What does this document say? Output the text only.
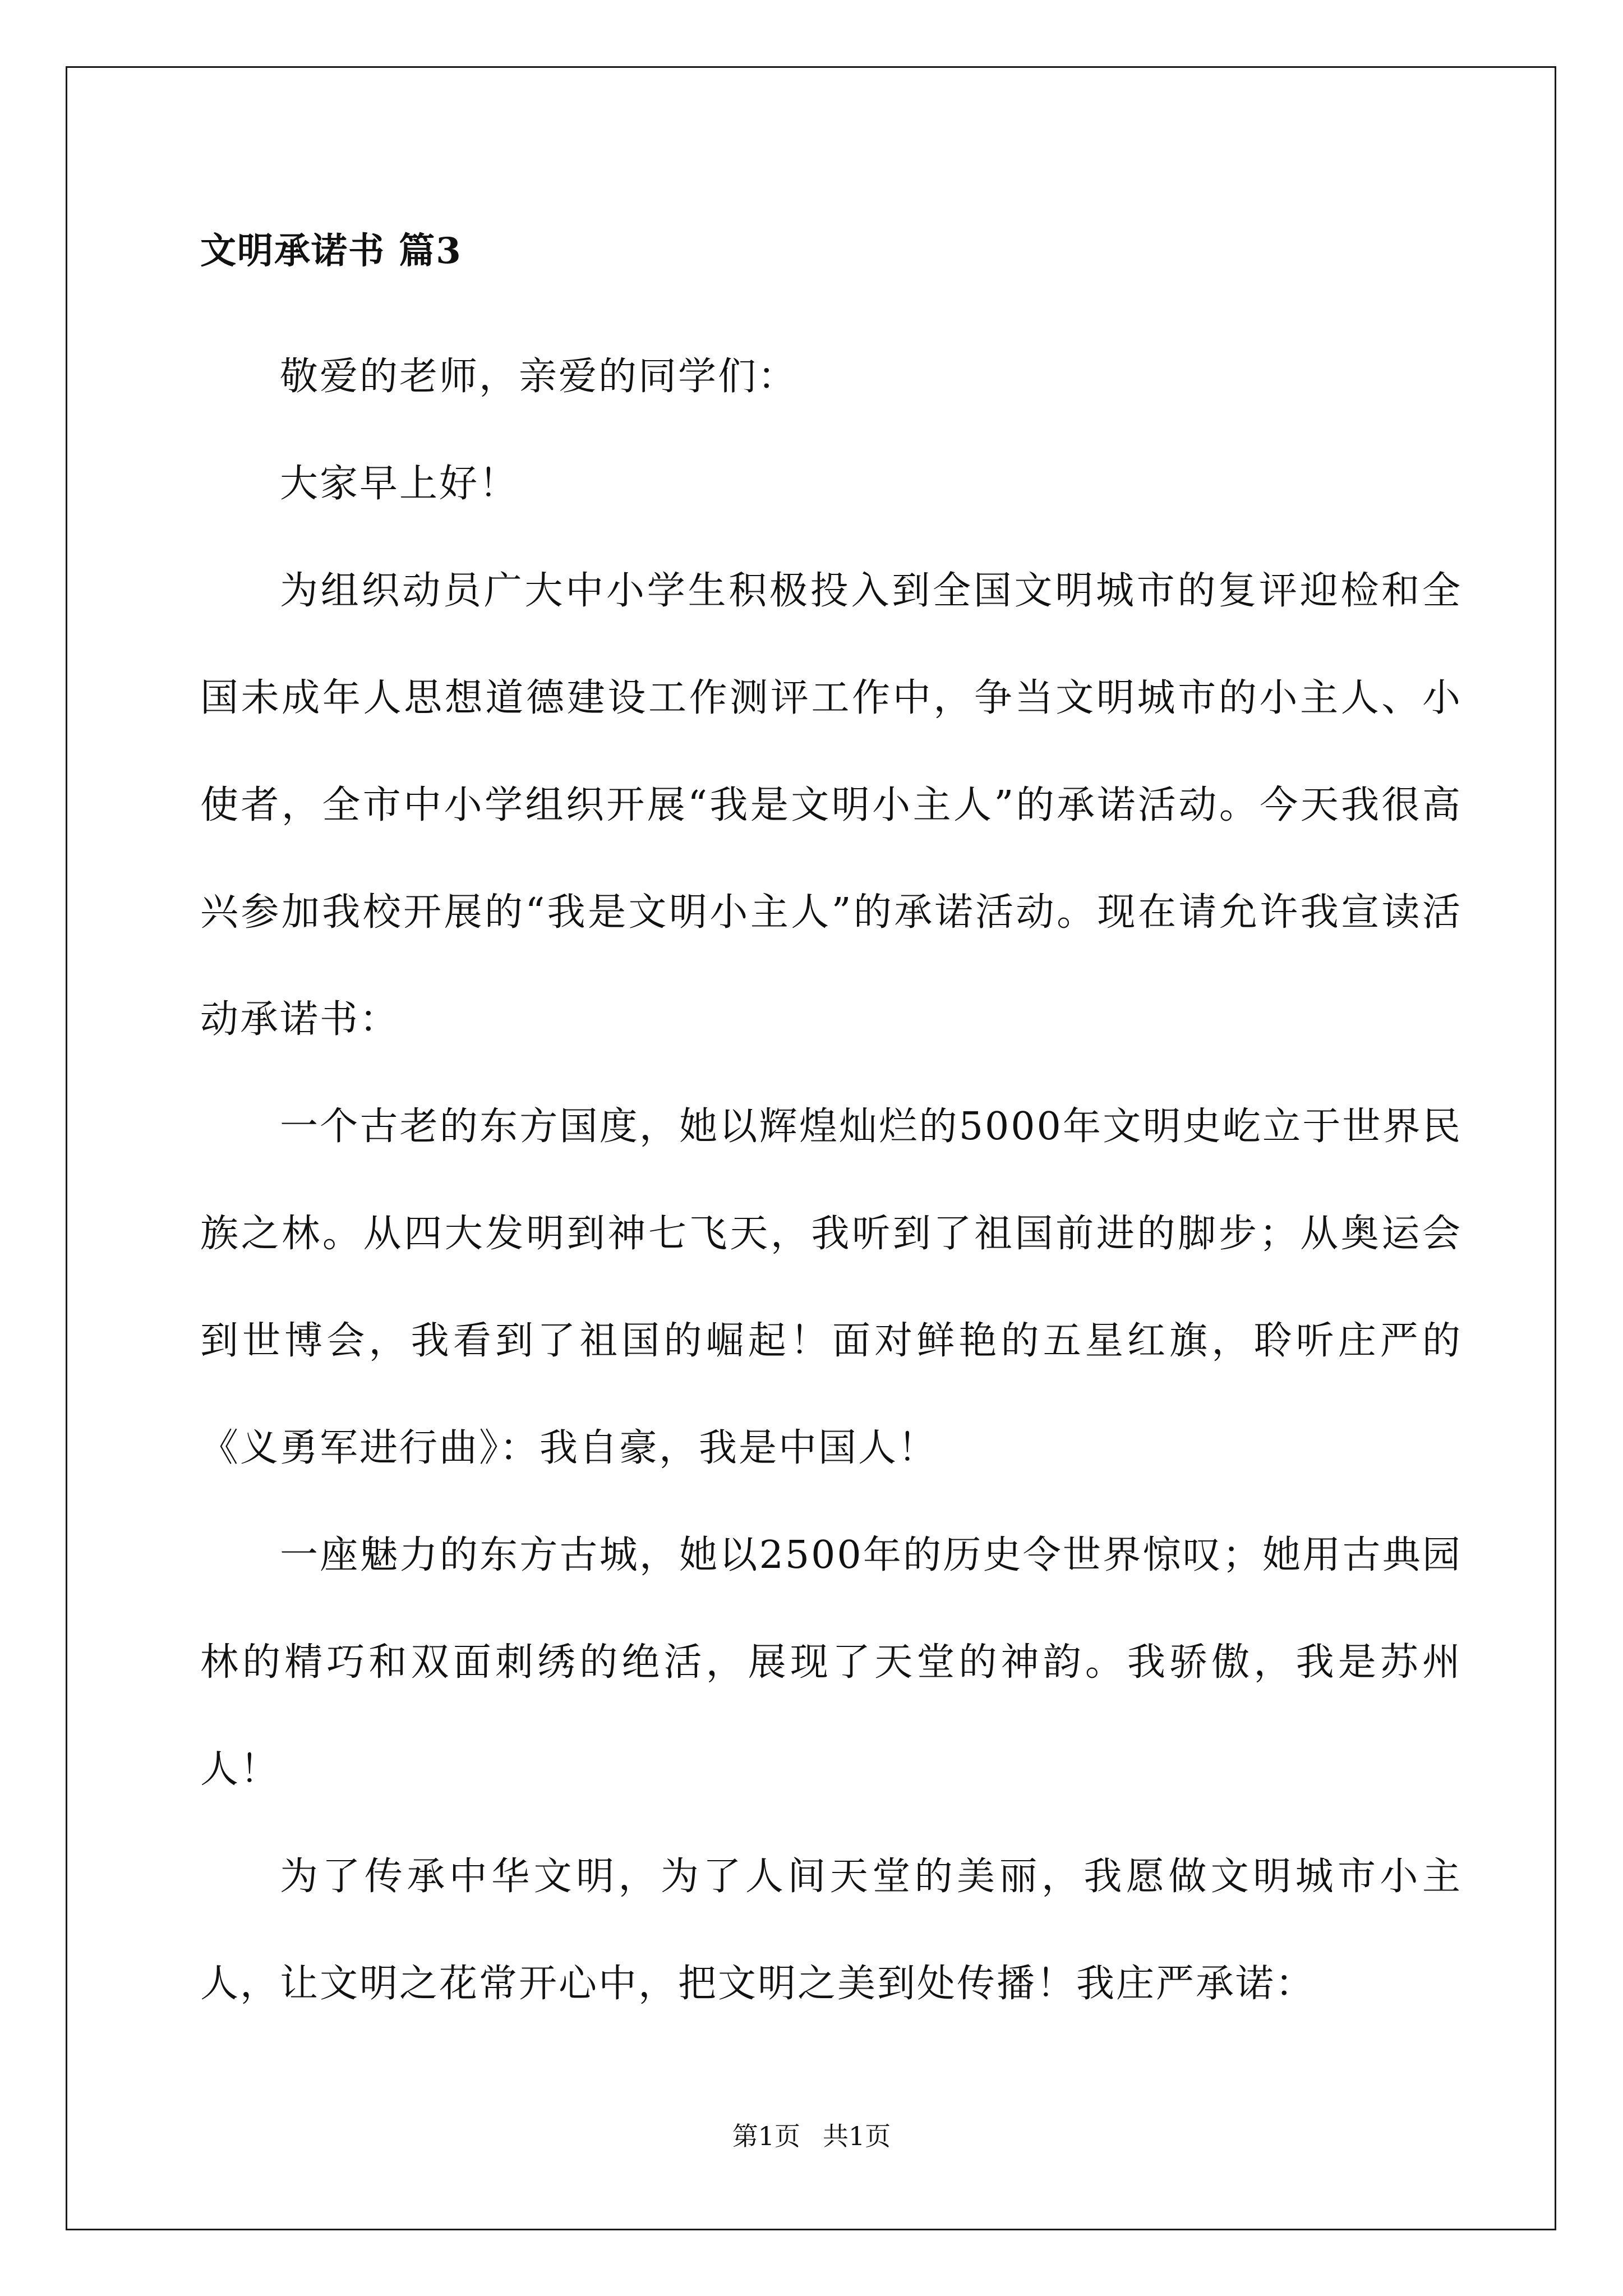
文明承诺书 篇3

敬爱的老师，亲爱的同学们：

大家早上好！

为组织动员广大中小学生积极投入到全国文明城市的复评迎检和全国未成年人思想道德建设工作测评工作中，争当文明城市的小主人、小使者，全市中小学组织开展“我是文明小主人”的承诺活动。今天我很高兴参加我校开展的“我是文明小主人”的承诺活动。现在请允许我宣读活动承诺书：

一个古老的东方国度，她以辉煌灿烂的5000年文明史屹立于世界民族之林。从四大发明到神七飞天，我听到了祖国前进的脚步；从奥运会到世博会，我看到了祖国的崛起！面对鲜艳的五星红旗，聆听庄严的《义勇军进行曲》：我自豪，我是中国人！

一座魅力的东方古城，她以2500年的历史令世界惊叹；她用古典园林的精巧和双面刺绣的绝活，展现了天堂的神韵。我骄傲，我是苏州人！

为了传承中华文明，为了人间天堂的美丽，我愿做文明城市小主人，让文明之花常开心中，把文明之美到处传播！我庄严承诺：

第1页 共1页
